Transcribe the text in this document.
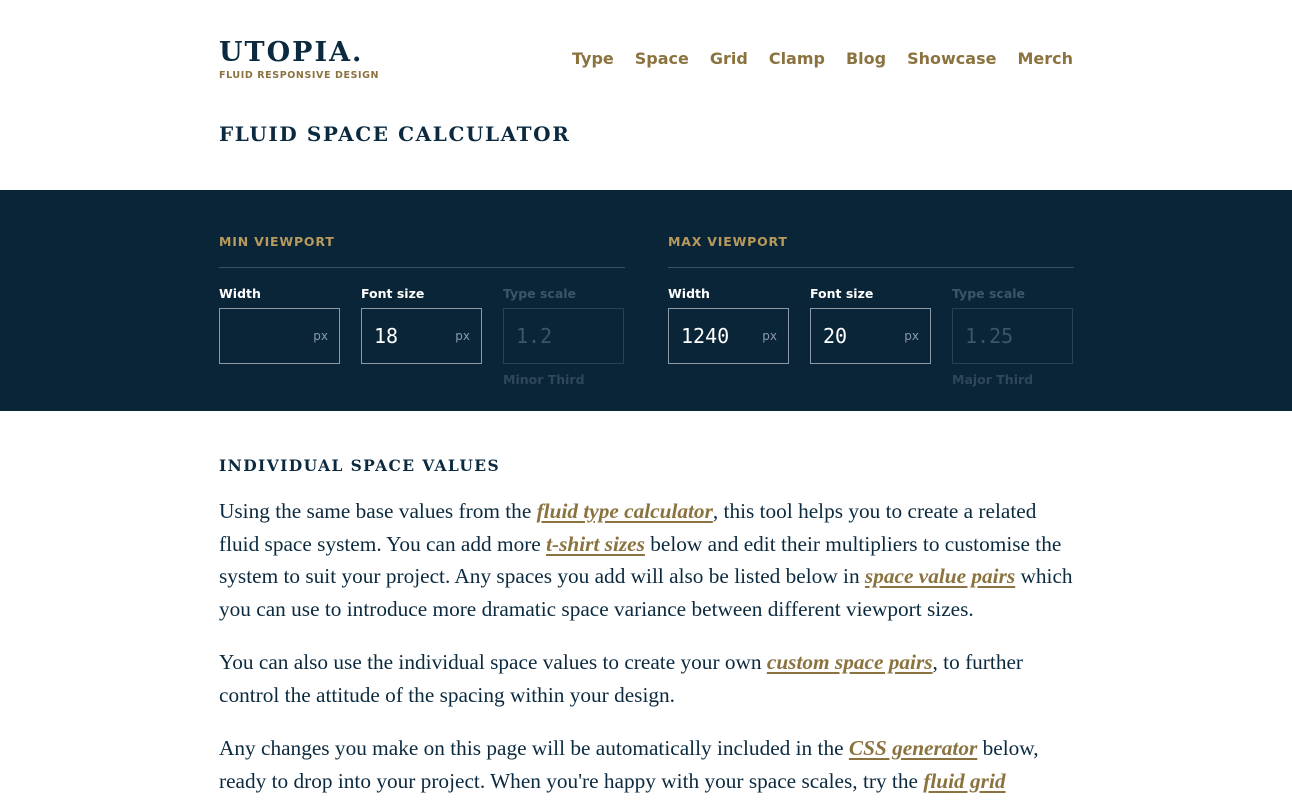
UTOPIA.
FLUID RESPONSIVE DESIGN
Type Space Grid Clamp Blog Showcase Merch
FLUID SPACE CALCULATOR
MIN VIEWPORT
Width
px
Font size
18	px
Type scale
1.2
Minor Third
MAX VIEWPORT
Width
1240	px
Font size
20	px
Type scale
1.25
Major Third
INDIVIDUAL SPACE VALUES

Using the same base values from the fluid type calculator, this tool helps you to create a related fluid space system. You can add more t-shirt sizes below and edit their multipliers to customise the system to suit your project. Any spaces you add will also be listed below in space value pairs which you can use to introduce more dramatic space variance between different viewport sizes.

You can also use the individual space values to create your own custom space pairs, to further control the attitude of the spacing within your design.

Any changes you make on this page will be automatically included in the CSS generator below, ready to drop into your project. When you're happy with your space scales, try the fluid grid
